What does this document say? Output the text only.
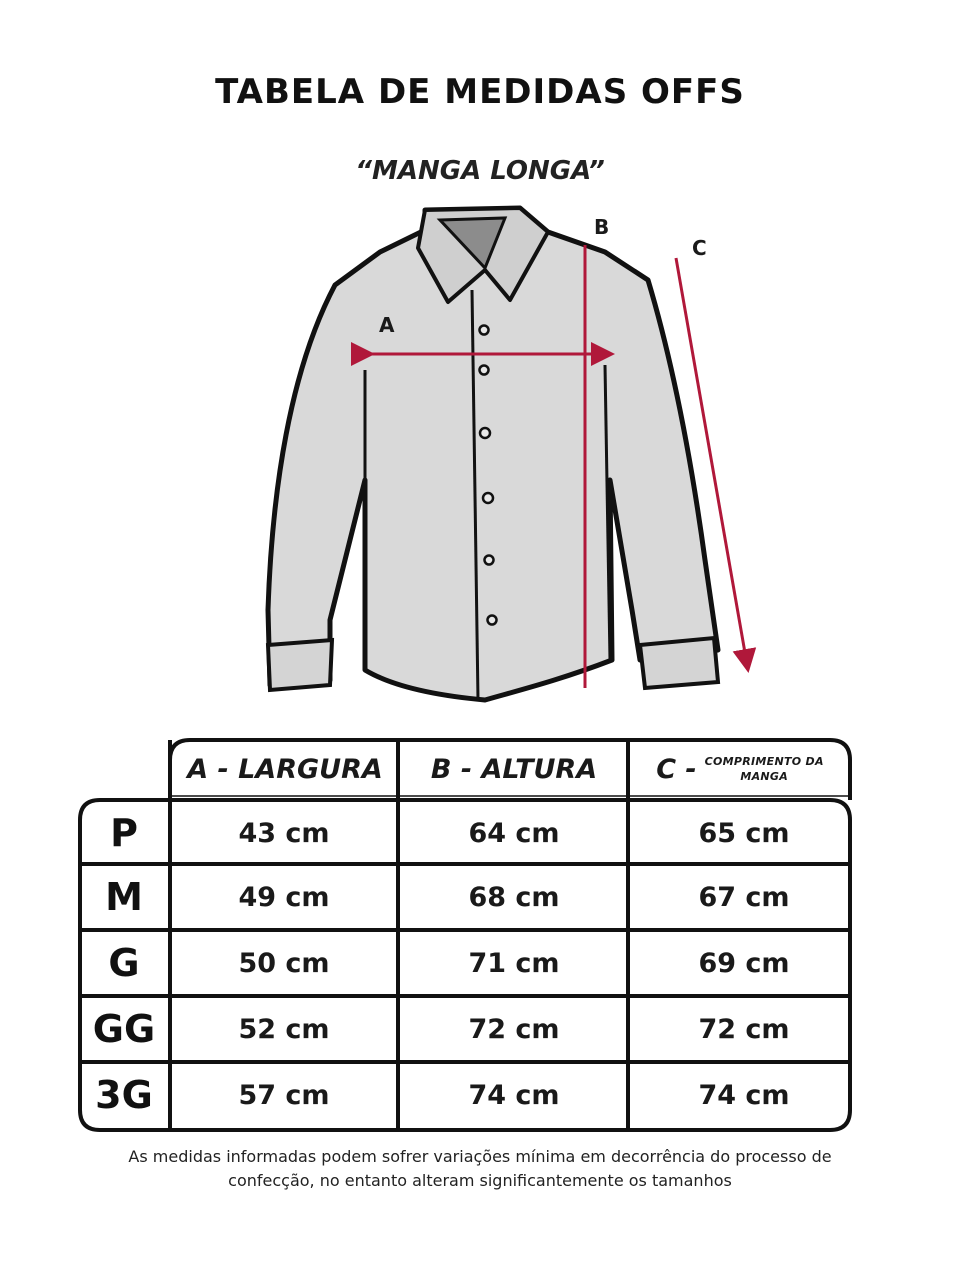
TABELA DE MEDIDAS OFFS
“MANGA LONGA”
A
B
C
A - LARGURA	B - ALTURA	C - COMPRIMENTO DA
MANGA
P	43 cm	64 cm	65 cm
M	49 cm	68 cm	67 cm
G	50 cm	71 cm	69 cm
GG	52 cm	72 cm	72 cm
3G	57 cm	74 cm	74 cm
As medidas informadas podem sofrer variações mínima em decorrência do processo de
confecção, no entanto alteram significantemente os tamanhos
